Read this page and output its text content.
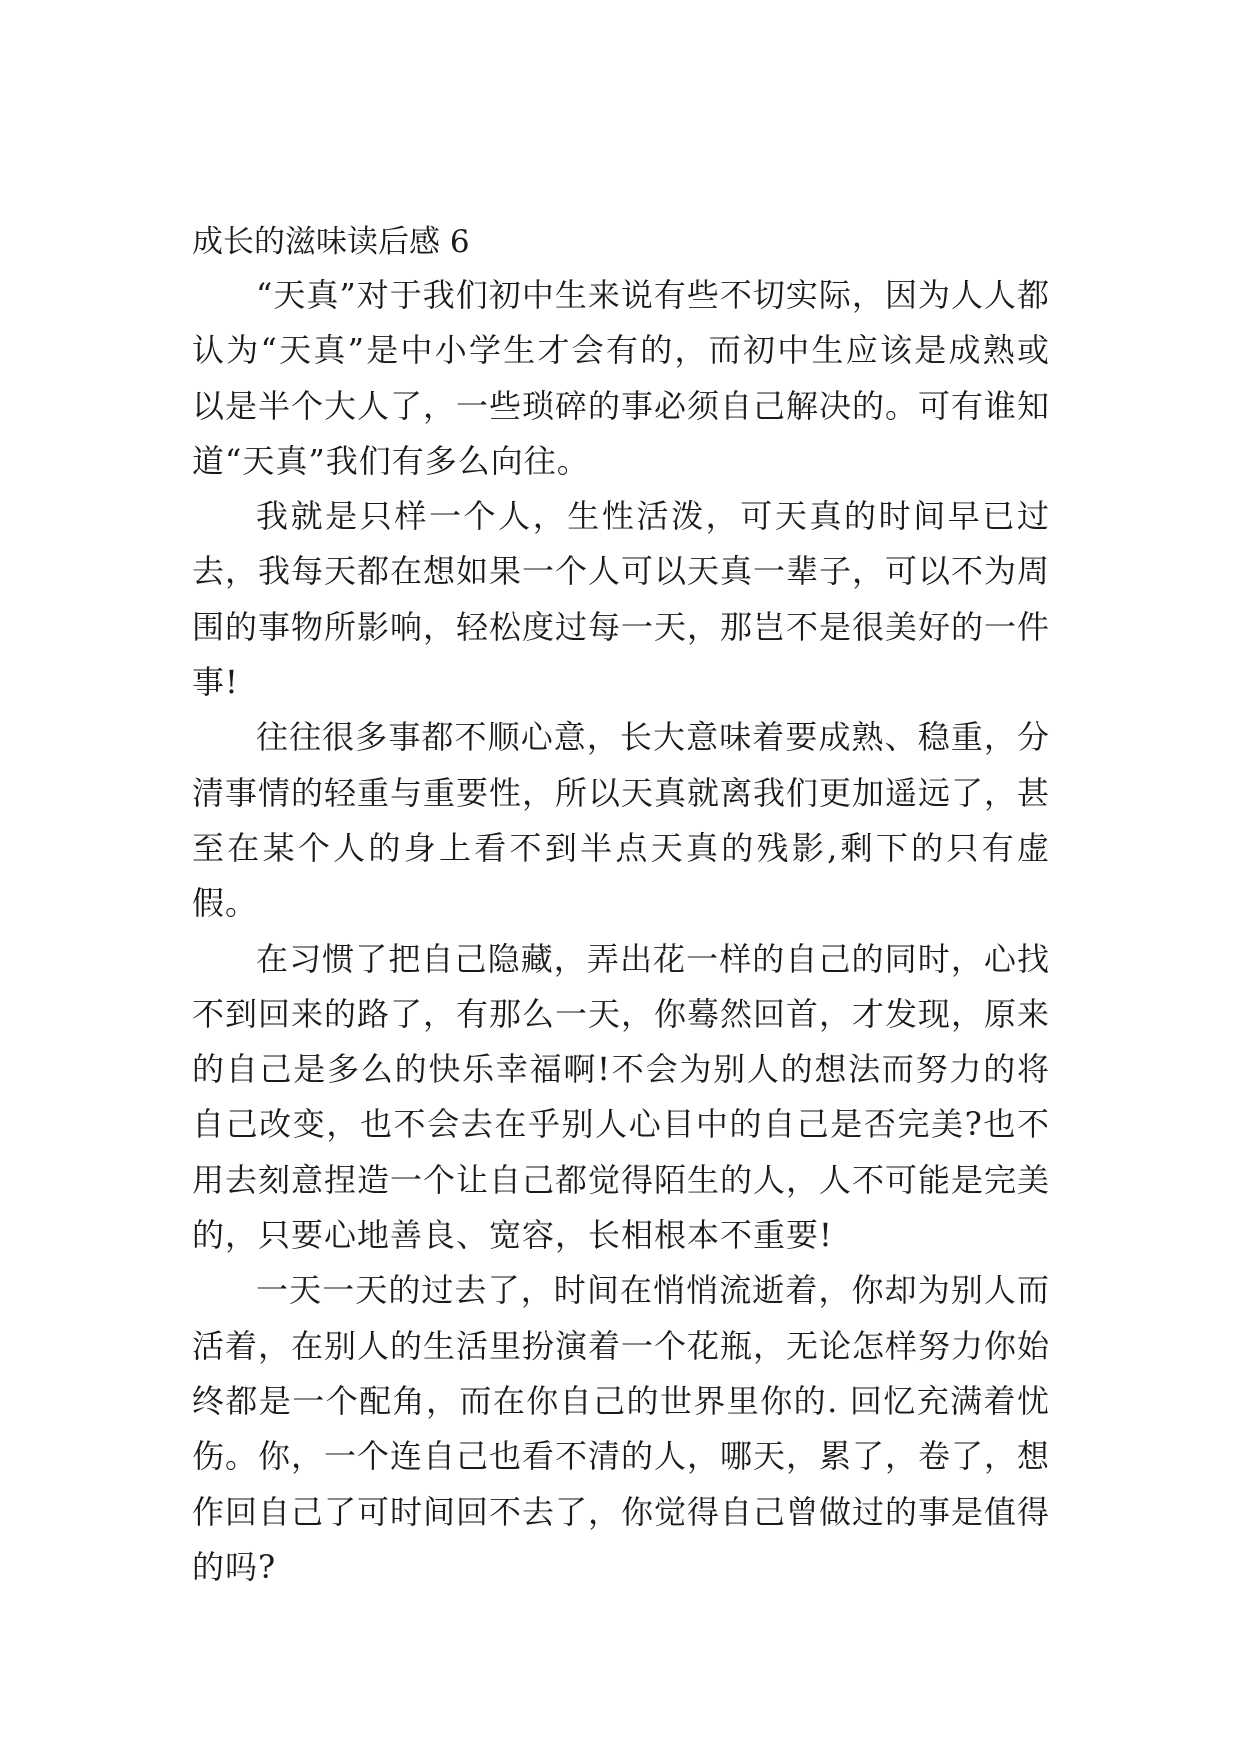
成长的滋味读后感 6

“天真”对于我们初中生来说有些不切实际，因为人人都认为“天真”是中小学生才会有的，而初中生应该是成熟或以是半个大人了，一些琐碎的事必须自己解决的。可有谁知道“天真”我们有多么向往。

我就是只样一个人，生性活泼，可天真的时间早已过去，我每天都在想如果一个人可以天真一辈子，可以不为周围的事物所影响，轻松度过每一天，那岂不是很美好的一件事!

往往很多事都不顺心意，长大意味着要成熟、稳重，分清事情的轻重与重要性，所以天真就离我们更加遥远了，甚至在某个人的身上看不到半点天真的残影,剩下的只有虚假。

在习惯了把自己隐藏，弄出花一样的自己的同时，心找不到回来的路了，有那么一天，你蓦然回首，才发现，原来的自己是多么的快乐幸福啊!不会为别人的想法而努力的将自己改变，也不会去在乎别人心目中的自己是否完美?也不用去刻意捏造一个让自己都觉得陌生的人，人不可能是完美的，只要心地善良、宽容，长相根本不重要!

一天一天的过去了，时间在悄悄流逝着，你却为别人而活着，在别人的生活里扮演着一个花瓶，无论怎样努力你始终都是一个配角，而在你自己的世界里你的. 回忆充满着忧伤。你，一个连自己也看不清的人，哪天，累了，卷了，想作回自己了可时间回不去了，你觉得自己曾做过的事是值得的吗?
